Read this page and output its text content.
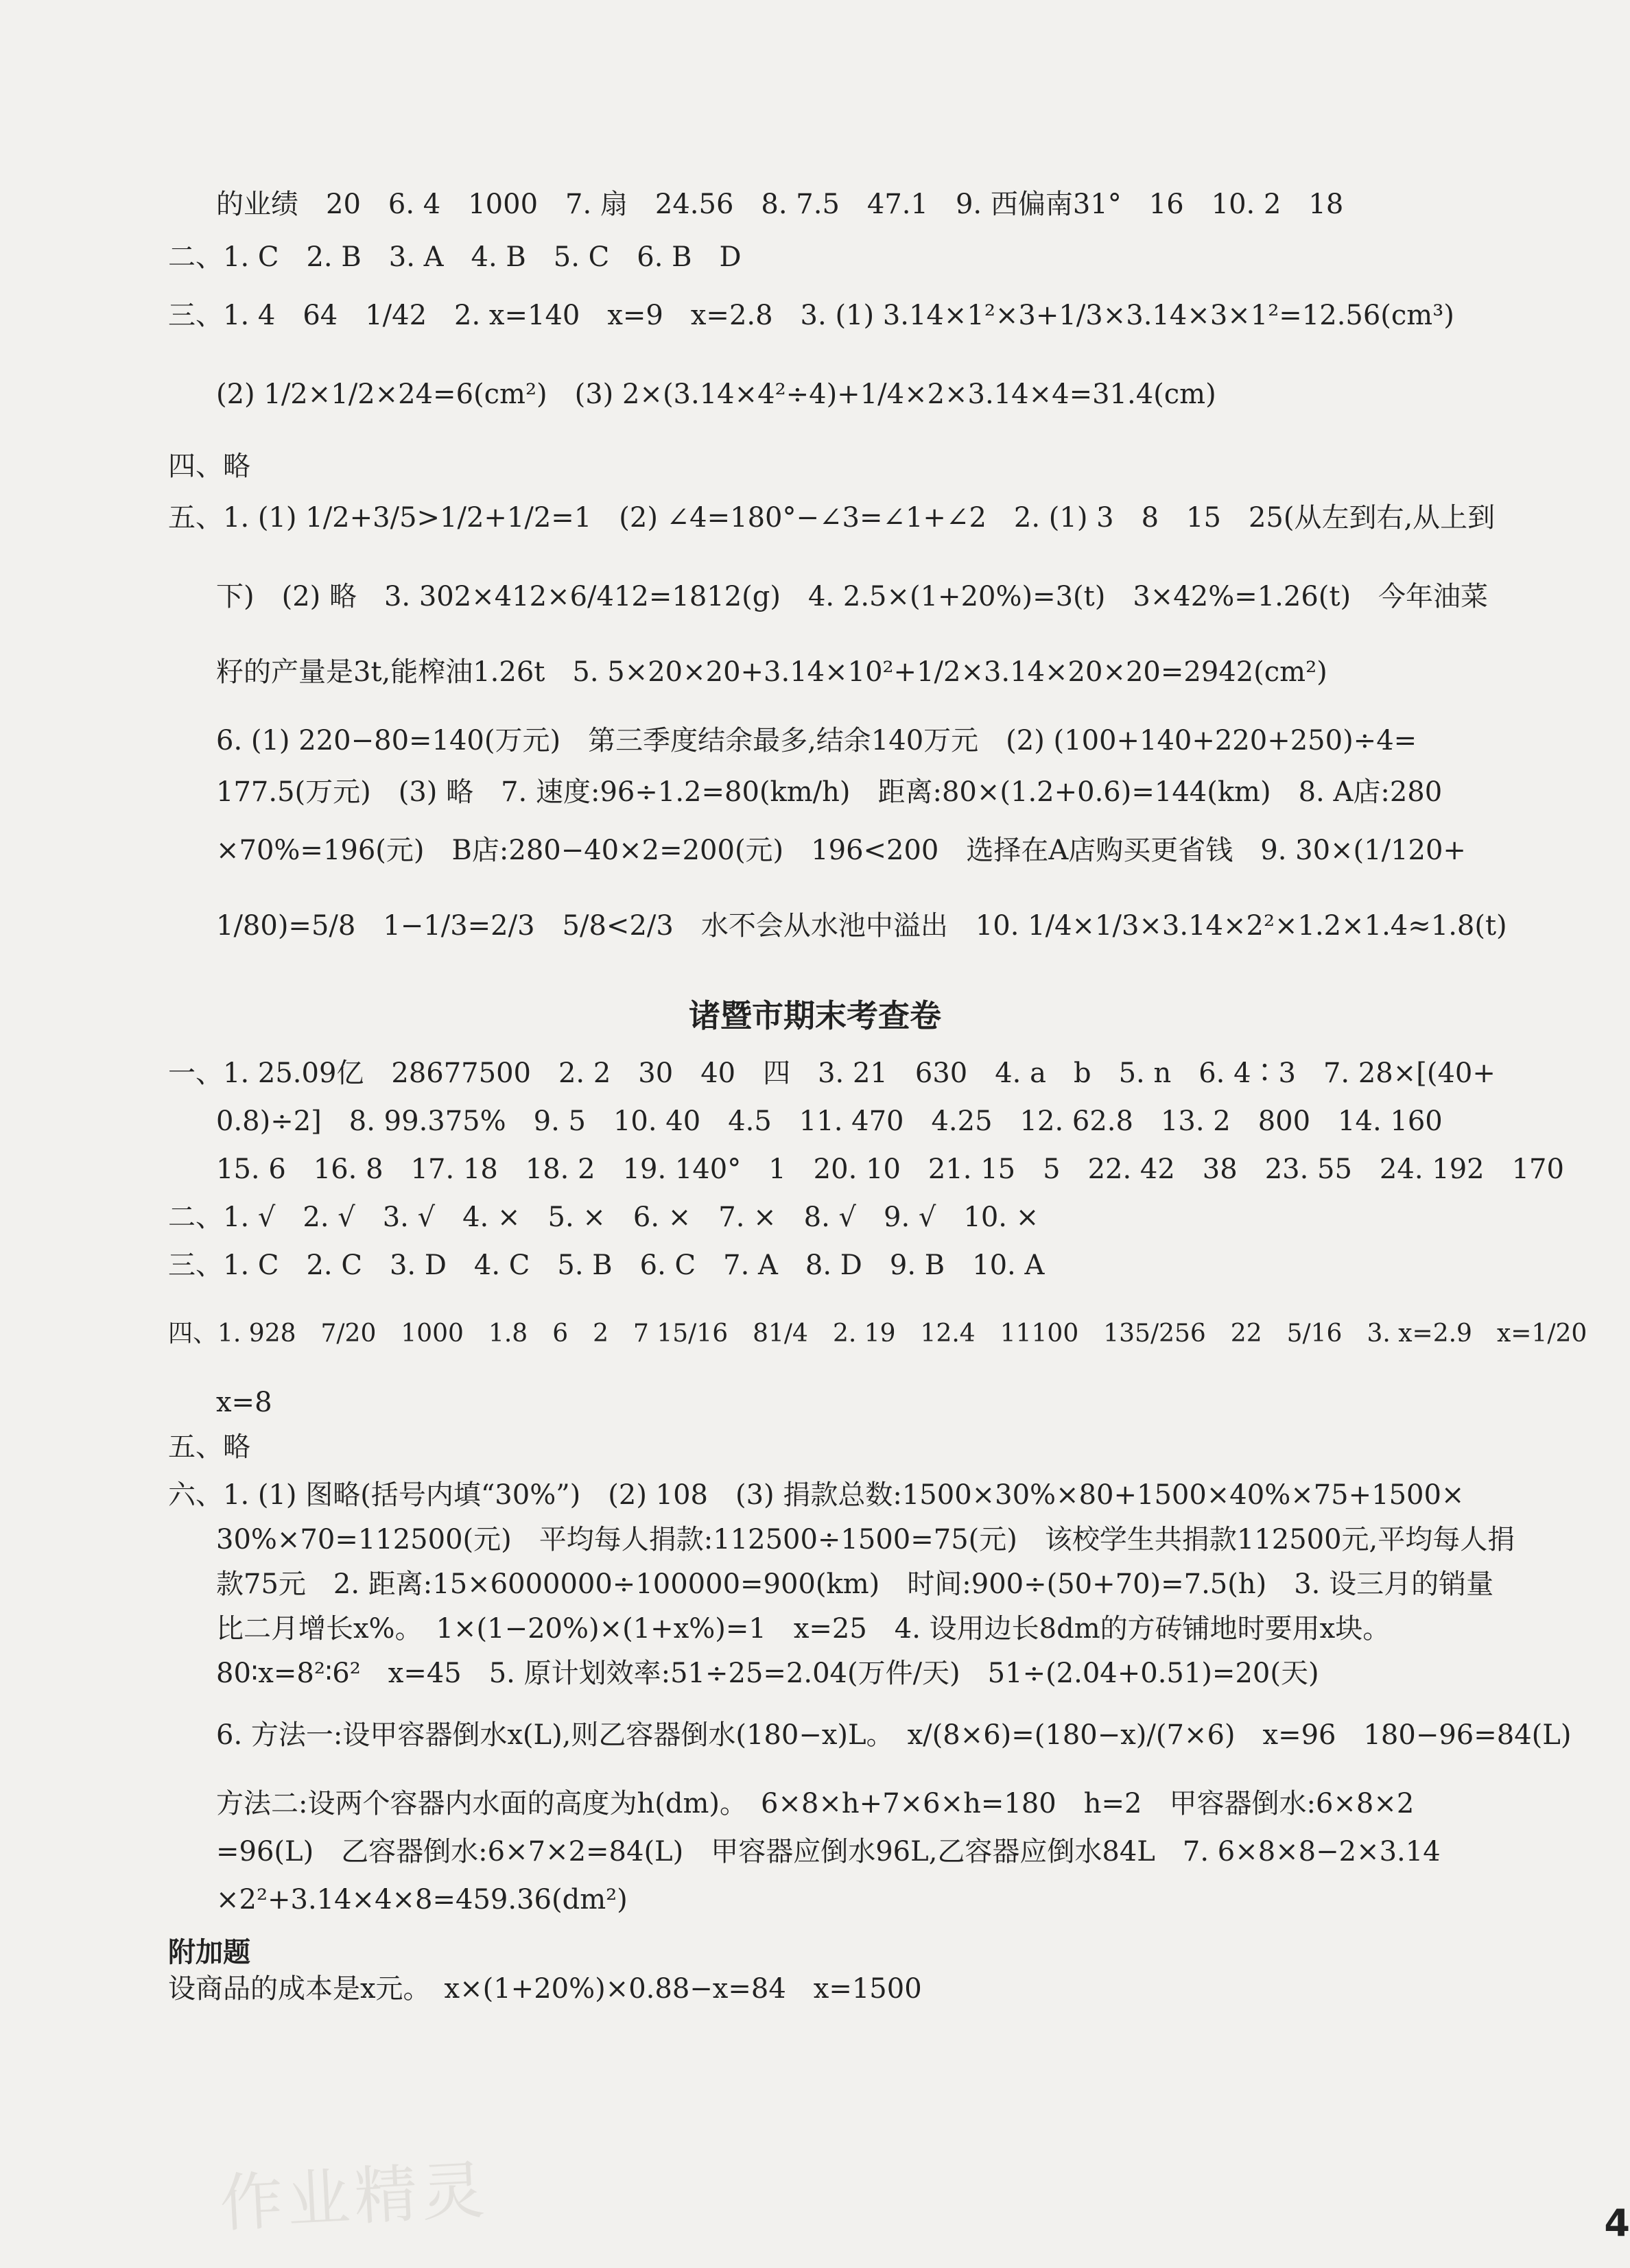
的业绩　20　6. 4　1000　7. 扇　24.56　8. 7.5　47.1　9. 西偏南31°　16　10. 2　18
二、1. C　2. B　3. A　4. B　5. C　6. B　D
三、1. 4　64　1/42　2. x=140　x=9　x=2.8　3. (1) 3.14×1²×3+1/3×3.14×3×1²=12.56(cm³)
(2) 1/2×1/2×24=6(cm²)　(3) 2×(3.14×4²÷4)+1/4×2×3.14×4=31.4(cm)
四、略
五、1. (1) 1/2+3/5>1/2+1/2=1　(2) ∠4=180°−∠3=∠1+∠2　2. (1) 3　8　15　25(从左到右,从上到
下)　(2) 略　3. 302×412×6/412=1812(g)　4. 2.5×(1+20%)=3(t)　3×42%=1.26(t)　今年油菜
籽的产量是3t,能榨油1.26t　5. 5×20×20+3.14×10²+1/2×3.14×20×20=2942(cm²)
6. (1) 220−80=140(万元)　第三季度结余最多,结余140万元　(2) (100+140+220+250)÷4=
177.5(万元)　(3) 略　7. 速度:96÷1.2=80(km/h)　距离:80×(1.2+0.6)=144(km)　8. A店:280
×70%=196(元)　B店:280−40×2=200(元)　196<200　选择在A店购买更省钱　9. 30×(1/120+
1/80)=5/8　1−1/3=2/3　5/8<2/3　水不会从水池中溢出　10. 1/4×1/3×3.14×2²×1.2×1.4≈1.8(t)
诸暨市期末考查卷
一、1. 25.09亿　28677500　2. 2　30　40　四　3. 21　630　4. a　b　5. n　6. 4∶3　7. 28×[(40+
0.8)÷2]　8. 99.375%　9. 5　10. 40　4.5　11. 470　4.25　12. 62.8　13. 2　800　14. 160
15. 6　16. 8　17. 18　18. 2　19. 140°　1　20. 10　21. 15　5　22. 42　38　23. 55　24. 192　170
二、1. √　2. √　3. √　4. ×　5. ×　6. ×　7. ×　8. √　9. √　10. ×
三、1. C　2. C　3. D　4. C　5. B　6. C　7. A　8. D　9. B　10. A
四、1. 928　7/20　1000　1.8　6　2　7 15/16　81/4　2. 19　12.4　11100　135/256　22　5/16　3. x=2.9　x=1/20
x=8
五、略
六、1. (1) 图略(括号内填“30%”)　(2) 108　(3) 捐款总数:1500×30%×80+1500×40%×75+1500×
30%×70=112500(元)　平均每人捐款:112500÷1500=75(元)　该校学生共捐款112500元,平均每人捐
款75元　2. 距离:15×6000000÷100000=900(km)　时间:900÷(50+70)=7.5(h)　3. 设三月的销量
比二月增长x%。　1×(1−20%)×(1+x%)=1　x=25　4. 设用边长8dm的方砖铺地时要用x块。
80∶x=8²∶6²　x=45　5. 原计划效率:51÷25=2.04(万件/天)　51÷(2.04+0.51)=20(天)
6. 方法一:设甲容器倒水x(L),则乙容器倒水(180−x)L。　x/(8×6)=(180−x)/(7×6)　x=96　180−96=84(L)
方法二:设两个容器内水面的高度为h(dm)。　6×8×h+7×6×h=180　h=2　甲容器倒水:6×8×2
=96(L)　乙容器倒水:6×7×2=84(L)　甲容器应倒水96L,乙容器应倒水84L　7. 6×8×8−2×3.14
×2²+3.14×4×8=459.36(dm²)
附加题
设商品的成本是x元。　x×(1+20%)×0.88−x=84　x=1500
作业精灵	4
